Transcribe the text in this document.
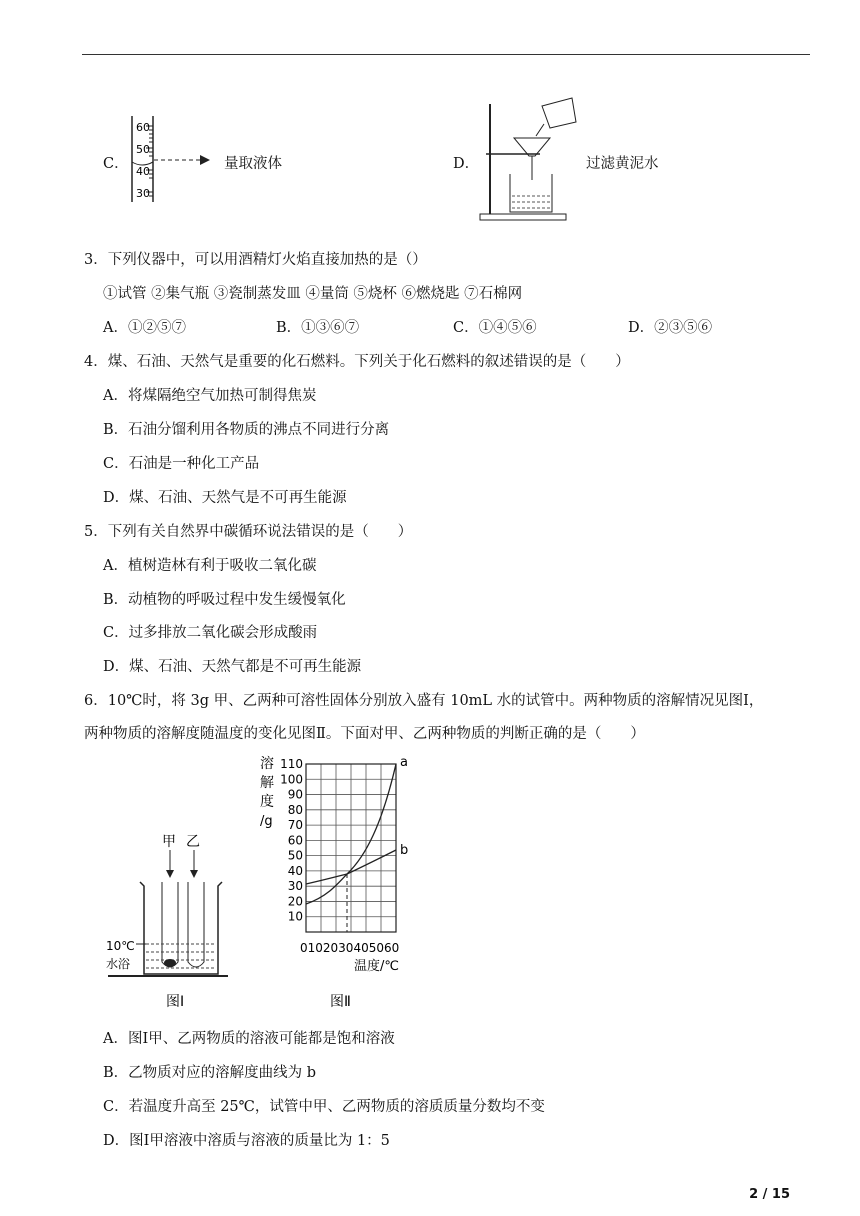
C．
60
50
40
30
量取液体	D．	过滤黄泥水
3．下列仪器中，可以用酒精灯火焰直接加热的是（）
①试管 ②集气瓶 ③瓷制蒸发皿 ④量筒 ⑤烧杯 ⑥燃烧匙 ⑦石棉网
A．①②⑤⑦	B．①③⑥⑦	C．①④⑤⑥	D．②③⑤⑥
4．煤、石油、天然气是重要的化石燃料。下列关于化石燃料的叙述错误的是（　　）
A．将煤隔绝空气加热可制得焦炭
B．石油分馏利用各物质的沸点不同进行分离
C．石油是一种化工产品
D．煤、石油、天然气是不可再生能源
5．下列有关自然界中碳循环说法错误的是（　　）
A．植树造林有利于吸收二氧化碳
B．动植物的呼吸过程中发生缓慢氧化
C．过多排放二氧化碳会形成酸雨
D．煤、石油、天然气都是不可再生能源
6．10℃时，将 3g 甲、乙两种可溶性固体分别放入盛有 10mL 水的试管中。两种物质的溶解情况见图Ⅰ，
两种物质的溶解度随温度的变化见图Ⅱ。下面对甲、乙两种物质的判断正确的是（　　）
甲 乙
10℃
水浴
图Ⅰ
溶
解
度
/g
110
100
90
80
70
60
50
40
30
20
10
a
b
0102030405060
温度/℃
图Ⅱ
A．图Ⅰ甲、乙两物质的溶液可能都是饱和溶液
B．乙物质对应的溶解度曲线为 b
C．若温度升高至 25℃，试管中甲、乙两物质的溶质质量分数均不变
D．图Ⅰ甲溶液中溶质与溶液的质量比为 1：5
2 / 15
